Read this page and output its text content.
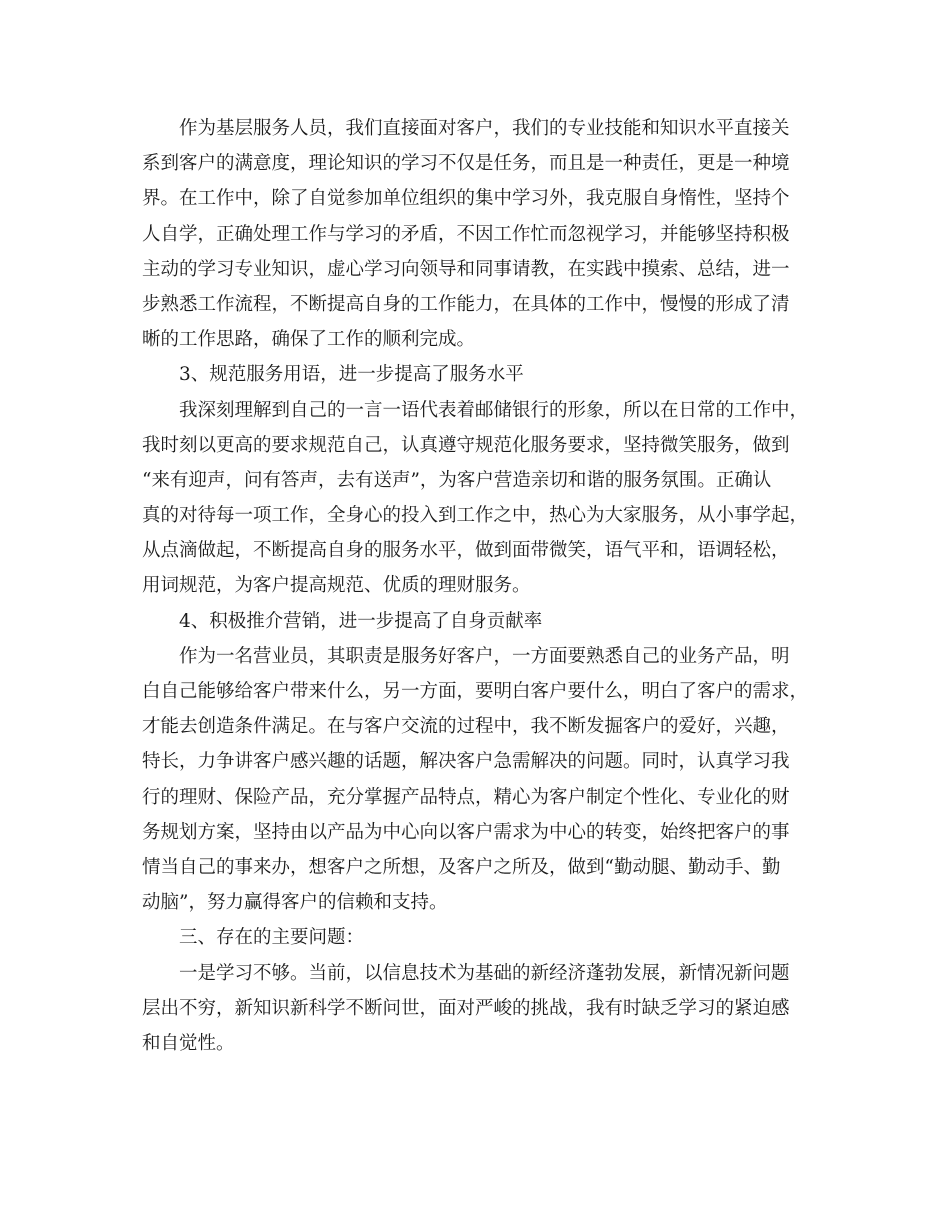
作为基层服务人员，我们直接面对客户，我们的专业技能和知识水平直接关
系到客户的满意度，理论知识的学习不仅是任务，而且是一种责任，更是一种境
界。在工作中，除了自觉参加单位组织的集中学习外，我克服自身惰性，坚持个
人自学，正确处理工作与学习的矛盾，不因工作忙而忽视学习，并能够坚持积极
主动的学习专业知识，虚心学习向领导和同事请教，在实践中摸索、总结，进一
步熟悉工作流程，不断提高自身的工作能力，在具体的工作中，慢慢的形成了清
晰的工作思路，确保了工作的顺利完成。
3、规范服务用语，进一步提高了服务水平
我深刻理解到自己的一言一语代表着邮储银行的形象，所以在日常的工作中，
我时刻以更高的要求规范自己，认真遵守规范化服务要求，坚持微笑服务，做到
“来有迎声，问有答声，去有送声”，为客户营造亲切和谐的服务氛围。正确认
真的对待每一项工作，全身心的投入到工作之中，热心为大家服务，从小事学起，
从点滴做起，不断提高自身的服务水平，做到面带微笑，语气平和，语调轻松，
用词规范，为客户提高规范、优质的理财服务。
4、积极推介营销，进一步提高了自身贡献率
作为一名营业员，其职责是服务好客户，一方面要熟悉自己的业务产品，明
白自己能够给客户带来什么，另一方面，要明白客户要什么，明白了客户的需求，
才能去创造条件满足。在与客户交流的过程中，我不断发掘客户的爱好，兴趣，
特长，力争讲客户感兴趣的话题，解决客户急需解决的问题。同时，认真学习我
行的理财、保险产品，充分掌握产品特点，精心为客户制定个性化、专业化的财
务规划方案，坚持由以产品为中心向以客户需求为中心的转变，始终把客户的事
情当自己的事来办，想客户之所想，及客户之所及，做到“勤动腿、勤动手、勤
动脑”，努力赢得客户的信赖和支持。
三、存在的主要问题：
一是学习不够。当前，以信息技术为基础的新经济蓬勃发展，新情况新问题
层出不穷，新知识新科学不断问世，面对严峻的挑战，我有时缺乏学习的紧迫感
和自觉性。
